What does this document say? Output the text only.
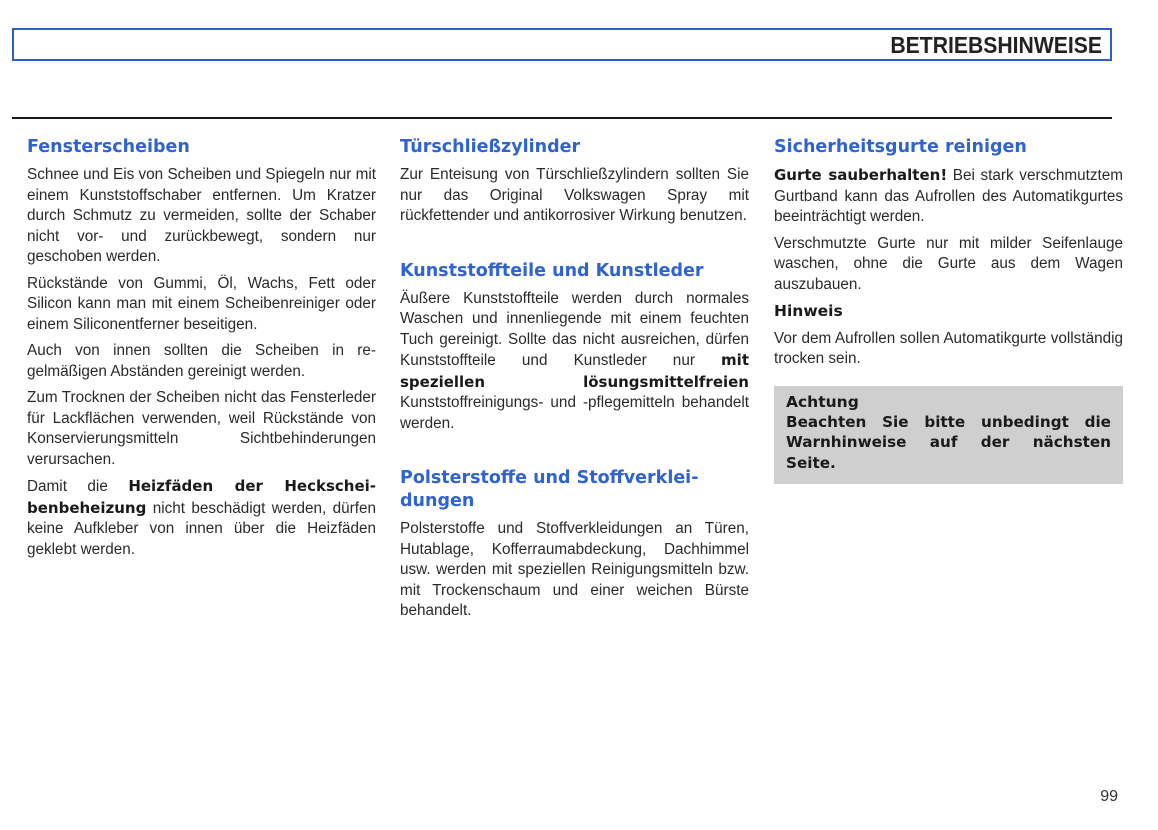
BETRIEBSHINWEISE
Fensterscheiben

Schnee und Eis von Scheiben und Spiegeln nur mit einem Kunststoffschaber entfernen. Um Kratzer durch Schmutz zu vermeiden, sollte der Schaber nicht vor- und zurückbewegt, sondern nur geschoben werden.

Rückstände von Gummi, Öl, Wachs, Fett oder Silicon kann man mit einem Scheibenreiniger oder einem Siliconentferner beseitigen.

Auch von innen sollten die Scheiben in regelmäßigen Abständen gereinigt werden.

Zum Trocknen der Scheiben nicht das Fensterleder für Lackflächen verwenden, weil Rückstände von Konservierungsmitteln Sichtbehinderungen verursachen.

Damit die Heizfäden der Heckscheibenbeheizung nicht beschädigt werden, dürfen keine Aufkleber von innen über die Heizfäden geklebt werden.

Türschließzylinder

Zur Enteisung von Türschließzylindern sollten Sie nur das Original Volkswagen Spray mit rückfettender und antikorrosiver Wirkung benutzen.

Kunststoffteile und Kunstleder

Äußere Kunststoffteile werden durch normales Waschen und innenliegende mit einem feuchten Tuch gereinigt. Sollte das nicht ausreichen, dürfen Kunststoffteile und Kunstleder nur mit speziellen lösungsmittelfreien Kunststoffreinigungs- und -pflegemitteln behandelt werden.

Polsterstoffe und Stoffverkleidungen

Polsterstoffe und Stoffverkleidungen an Türen, Hutablage, Kofferraumabdeckung, Dachhimmel usw. werden mit speziellen Reinigungsmitteln bzw. mit Trockenschaum und einer weichen Bürste behandelt.

Sicherheitsgurte reinigen

Gurte sauberhalten! Bei stark verschmutztem Gurtband kann das Aufrollen des Automatikgurtes beeinträchtigt werden.

Verschmutzte Gurte nur mit milder Seifenlauge waschen, ohne die Gurte aus dem Wagen auszubauen.

Hinweis

Vor dem Aufrollen sollen Automatikgurte vollständig trocken sein.

Achtung
Beachten Sie bitte unbedingt die Warnhinweise auf der nächsten Seite.
99
